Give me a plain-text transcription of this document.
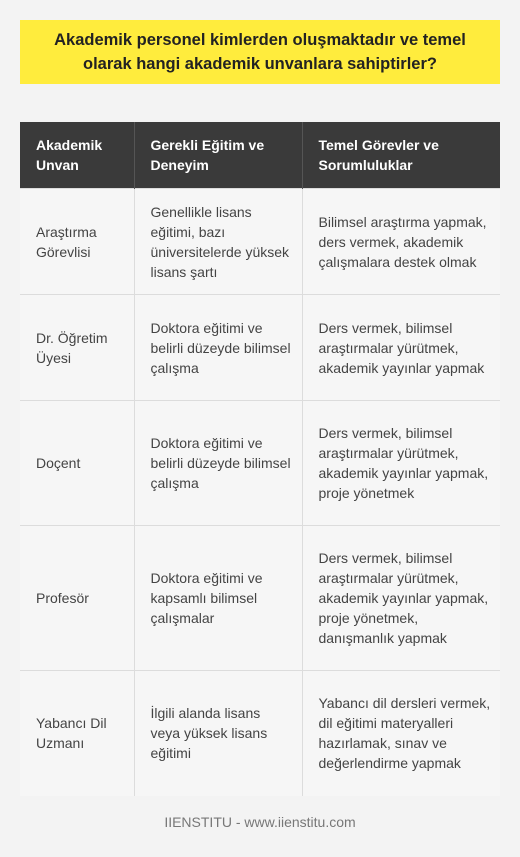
Akademik personel kimlerden oluşmaktadır ve temel olarak hangi akademik unvanlara sahiptirler?
Akademik Unvan	Gerekli Eğitim ve Deneyim	Temel Görevler ve Sorumluluklar
Araştırma Görevlisi	Genellikle lisans eğitimi, bazı üniversitelerde yüksek lisans şartı	Bilimsel araştırma yapmak, ders vermek, akademik çalışmalara destek olmak
Dr. Öğretim Üyesi	Doktora eğitimi ve belirli düzeyde bilimsel çalışma	Ders vermek, bilimsel araştırmalar yürütmek, akademik yayınlar yapmak
Doçent	Doktora eğitimi ve belirli düzeyde bilimsel çalışma	Ders vermek, bilimsel araştırmalar yürütmek, akademik yayınlar yapmak, proje yönetmek
Profesör	Doktora eğitimi ve kapsamlı bilimsel çalışmalar	Ders vermek, bilimsel araştırmalar yürütmek, akademik yayınlar yapmak, proje yönetmek, danışmanlık yapmak
Yabancı Dil Uzmanı	İlgili alanda lisans veya yüksek lisans eğitimi	Yabancı dil dersleri vermek, dil eğitimi materyalleri hazırlamak, sınav ve değerlendirme yapmak
IIENSTITU - www.iienstitu.com
